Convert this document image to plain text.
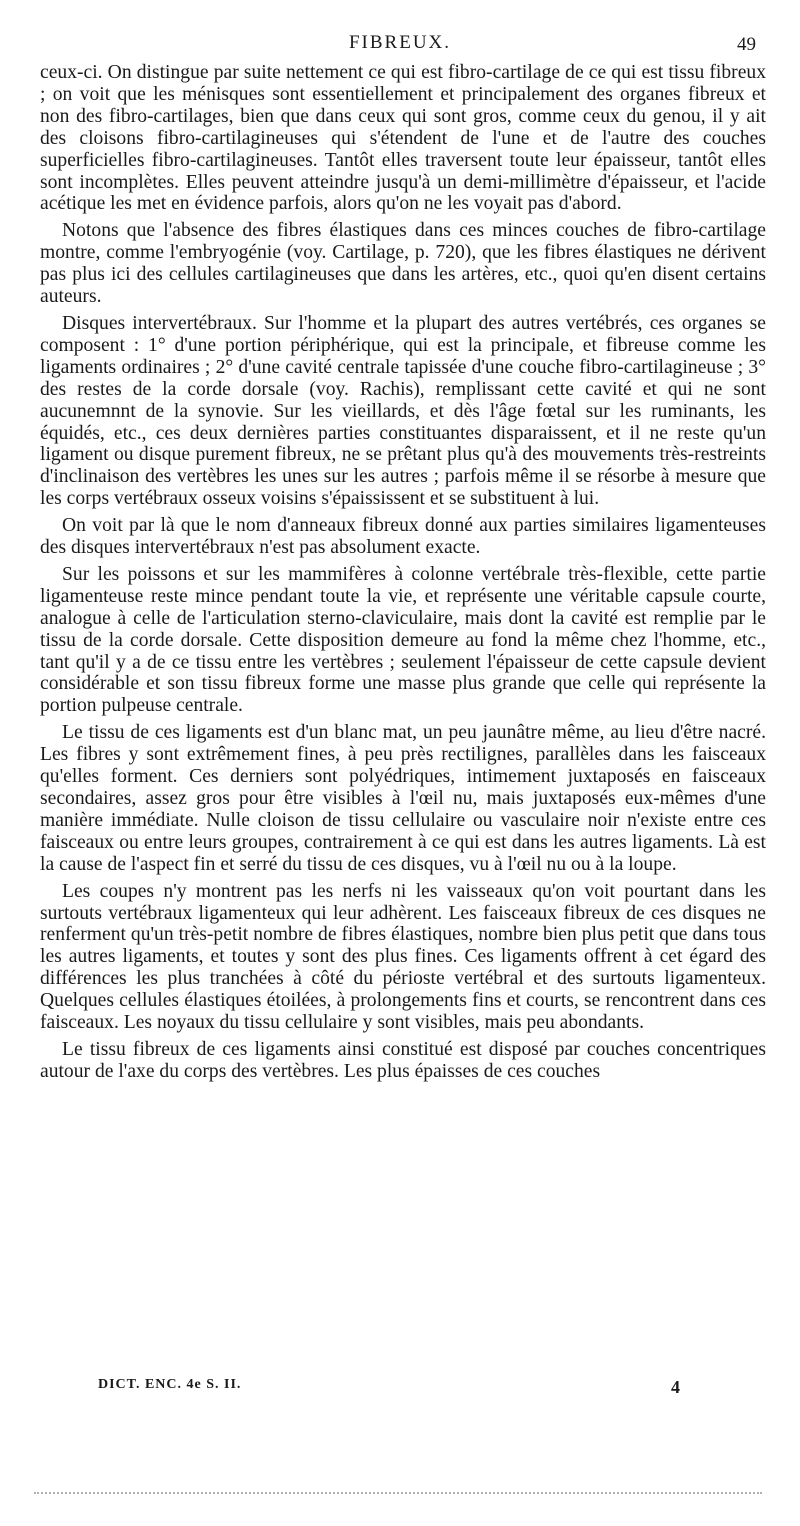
FIBREUX.	49

ceux-ci. On distingue par suite nettement ce qui est fibro-cartilage de ce qui est tissu fibreux ; on voit que les ménisques sont essentiellement et principalement des organes fibreux et non des fibro-cartilages, bien que dans ceux qui sont gros, comme ceux du genou, il y ait des cloisons fibro-cartilagineuses qui s'étendent de l'une et de l'autre des couches superficielles fibro-cartilagineuses. Tantôt elles traversent toute leur épaisseur, tantôt elles sont incomplètes. Elles peuvent atteindre jusqu'à un demi-millimètre d'épaisseur, et l'acide acétique les met en évidence parfois, alors qu'on ne les voyait pas d'abord.

Notons que l'absence des fibres élastiques dans ces minces couches de fibro-cartilage montre, comme l'embryogénie (voy. Cartilage, p. 720), que les fibres élastiques ne dérivent pas plus ici des cellules cartilagineuses que dans les artères, etc., quoi qu'en disent certains auteurs.

Disques intervertébraux. Sur l'homme et la plupart des autres vertébrés, ces organes se composent : 1° d'une portion périphérique, qui est la principale, et fibreuse comme les ligaments ordinaires ; 2° d'une cavité centrale tapissée d'une couche fibro-cartilagineuse ; 3° des restes de la corde dorsale (voy. Rachis), remplissant cette cavité et qui ne sont aucunemnnt de la synovie. Sur les vieillards, et dès l'âge fœtal sur les ruminants, les équidés, etc., ces deux dernières parties constituantes disparaissent, et il ne reste qu'un ligament ou disque purement fibreux, ne se prêtant plus qu'à des mouvements très-restreints d'inclinaison des vertèbres les unes sur les autres ; parfois même il se résorbe à mesure que les corps vertébraux osseux voisins s'épaississent et se substituent à lui.

On voit par là que le nom d'anneaux fibreux donné aux parties similaires ligamenteuses des disques intervertébraux n'est pas absolument exacte.

Sur les poissons et sur les mammifères à colonne vertébrale très-flexible, cette partie ligamenteuse reste mince pendant toute la vie, et représente une véritable capsule courte, analogue à celle de l'articulation sterno-claviculaire, mais dont la cavité est remplie par le tissu de la corde dorsale. Cette disposition demeure au fond la même chez l'homme, etc., tant qu'il y a de ce tissu entre les vertèbres ; seulement l'épaisseur de cette capsule devient considérable et son tissu fibreux forme une masse plus grande que celle qui représente la portion pulpeuse centrale.

Le tissu de ces ligaments est d'un blanc mat, un peu jaunâtre même, au lieu d'être nacré. Les fibres y sont extrêmement fines, à peu près rectilignes, parallèles dans les faisceaux qu'elles forment. Ces derniers sont polyédriques, intimement juxtaposés en faisceaux secondaires, assez gros pour être visibles à l'œil nu, mais juxtaposés eux-mêmes d'une manière immédiate. Nulle cloison de tissu cellulaire ou vasculaire noir n'existe entre ces faisceaux ou entre leurs groupes, contrairement à ce qui est dans les autres ligaments. Là est la cause de l'aspect fin et serré du tissu de ces disques, vu à l'œil nu ou à la loupe.

Les coupes n'y montrent pas les nerfs ni les vaisseaux qu'on voit pourtant dans les surtouts vertébraux ligamenteux qui leur adhèrent. Les faisceaux fibreux de ces disques ne renferment qu'un très-petit nombre de fibres élastiques, nombre bien plus petit que dans tous les autres ligaments, et toutes y sont des plus fines. Ces ligaments offrent à cet égard des différences les plus tranchées à côté du périoste vertébral et des surtouts ligamenteux. Quelques cellules élastiques étoilées, à prolongements fins et courts, se rencontrent dans ces faisceaux. Les noyaux du tissu cellulaire y sont visibles, mais peu abondants.

Le tissu fibreux de ces ligaments ainsi constitué est disposé par couches concentriques autour de l'axe du corps des vertèbres. Les plus épaisses de ces couches

DICT. ENC. 4e S. II.	4
